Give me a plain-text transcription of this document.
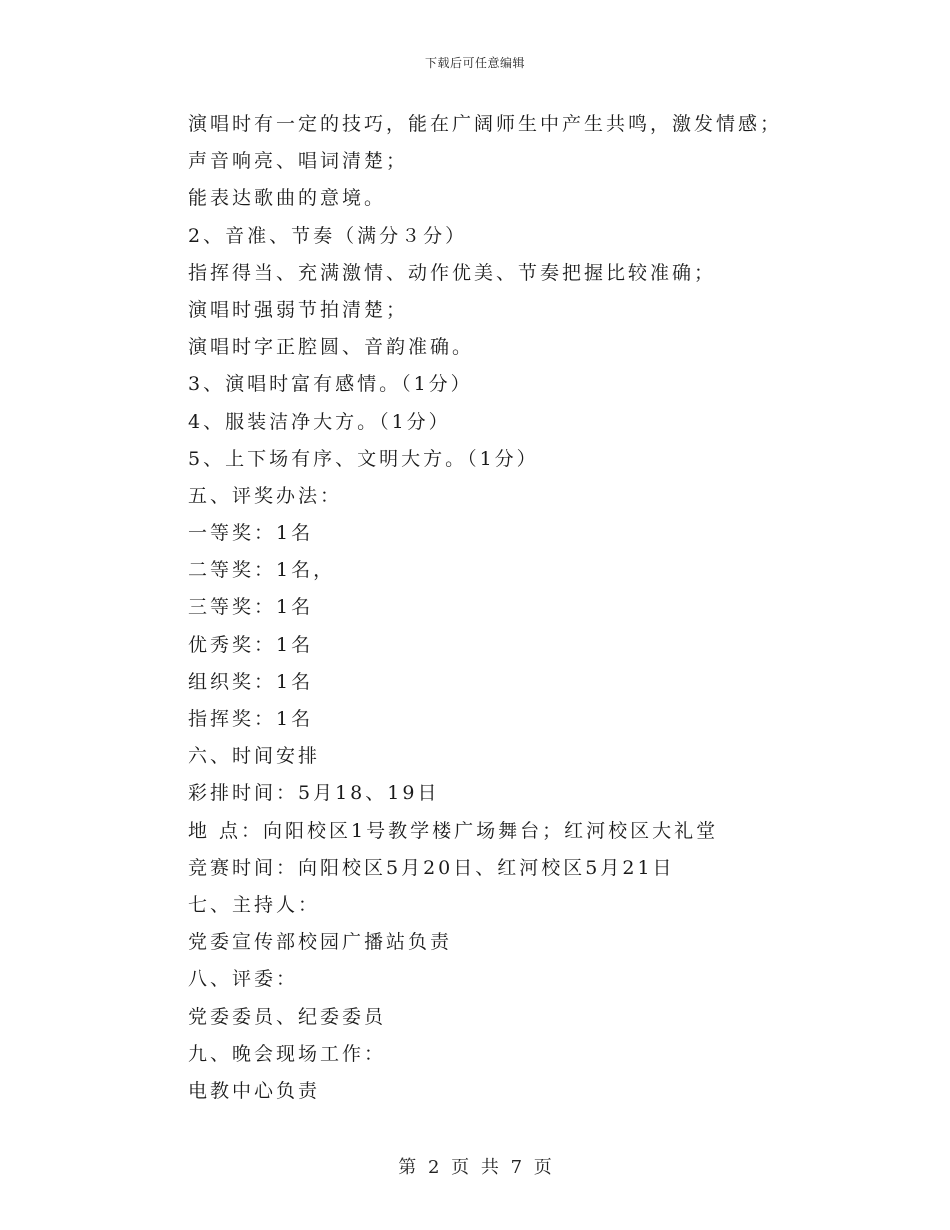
下载后可任意编辑
演唱时有一定的技巧，能在广阔师生中产生共鸣，激发情感；
声音响亮、唱词清楚；
能表达歌曲的意境。
2、音准、节奏（满分３分）
指挥得当、充满激情、动作优美、节奏把握比较准确；
演唱时强弱节拍清楚；
演唱时字正腔圆、音韵准确。
3、演唱时富有感情。（1分）
4、服装洁净大方。（1分）
5、上下场有序、文明大方。（1分）
五、评奖办法：
一等奖：1名
二等奖：1名，
三等奖：1名
优秀奖：1名
组织奖：1名
指挥奖：1名
六、时间安排
彩排时间：5月18、19日
地 点：向阳校区1号教学楼广场舞台；红河校区大礼堂
竞赛时间：向阳校区5月20日、红河校区5月21日
七、主持人：
党委宣传部校园广播站负责
八、评委：
党委委员、纪委委员
九、晚会现场工作：
电教中心负责
第 2 页 共 7 页
